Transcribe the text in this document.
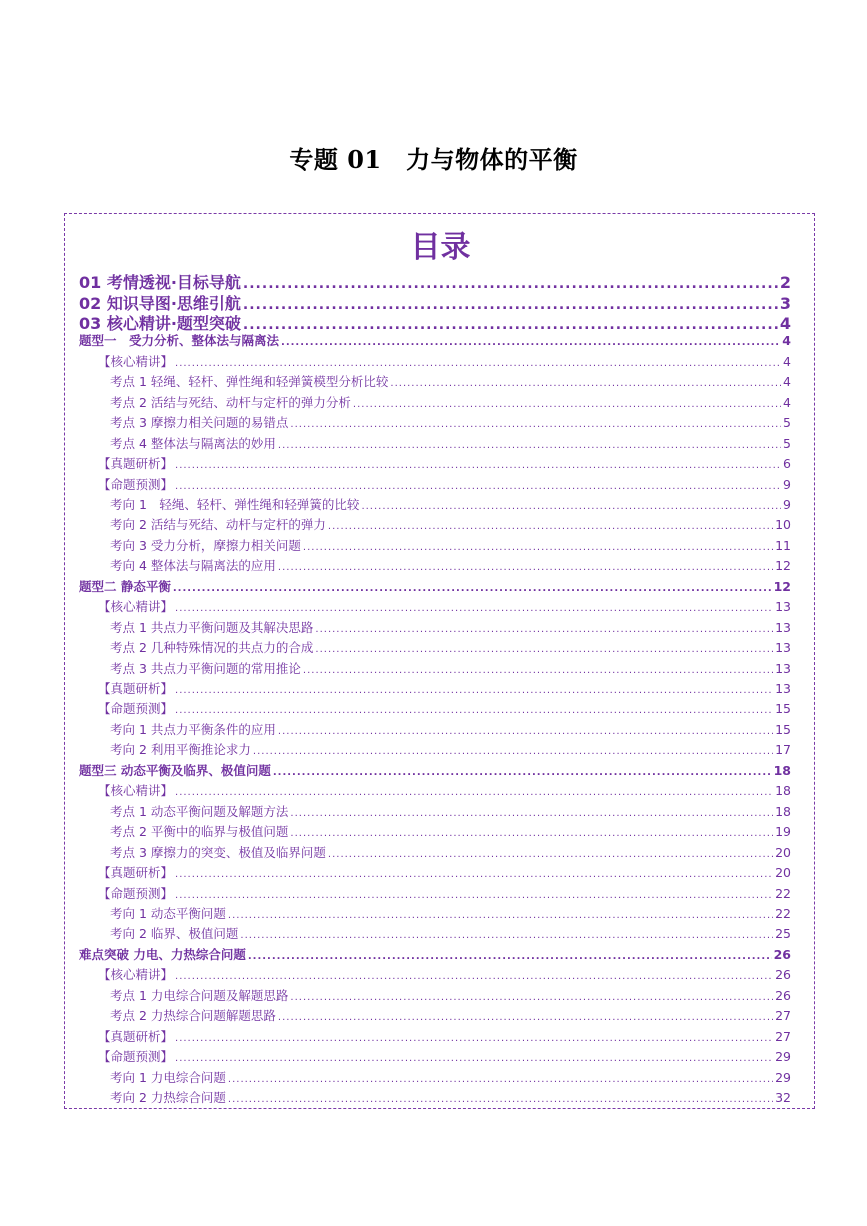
专题 01　力与物体的平衡
目录
01 考情透视·目标导航 .....	2
02 知识导图·思维引航 .....	3
03 核心精讲·题型突破 .....	4
题型一　受力分析、整体法与隔离法 .....	4
【核心精讲】 .....	4
考点 1 轻绳、轻杆、弹性绳和轻弹簧模型分析比较 .....	4
考点 2 活结与死结、动杆与定杆的弹力分析 .....	4
考点 3 摩擦力相关问题的易错点 .....	5
考点 4 整体法与隔离法的妙用 .....	5
【真题研析】 .....	6
【命题预测】 .....	9
考向 1　轻绳、轻杆、弹性绳和轻弹簧的比较 .....	9
考向 2 活结与死结、动杆与定杆的弹力 .....	10
考向 3 受力分析，摩擦力相关问题 .....	11
考向 4 整体法与隔离法的应用 .....	12
题型二 静态平衡 .....	12
【核心精讲】 .....	13
考点 1 共点力平衡问题及其解决思路 .....	13
考点 2 几种特殊情况的共点力的合成 .....	13
考点 3 共点力平衡问题的常用推论 .....	13
【真题研析】 .....	13
【命题预测】 .....	15
考向 1 共点力平衡条件的应用 .....	15
考向 2 利用平衡推论求力 .....	17
题型三 动态平衡及临界、极值问题 .....	18
【核心精讲】 .....	18
考点 1 动态平衡问题及解题方法 .....	18
考点 2 平衡中的临界与极值问题 .....	19
考点 3 摩擦力的突变、极值及临界问题 .....	20
【真题研析】 .....	20
【命题预测】 .....	22
考向 1 动态平衡问题 .....	22
考向 2 临界、极值问题 .....	25
难点突破 力电、力热综合问题 .....	26
【核心精讲】 .....	26
考点 1 力电综合问题及解题思路 .....	26
考点 2 力热综合问题解题思路 .....	27
【真题研析】 .....	27
【命题预测】 .....	29
考向 1 力电综合问题 .....	29
考向 2 力热综合问题 .....	32
